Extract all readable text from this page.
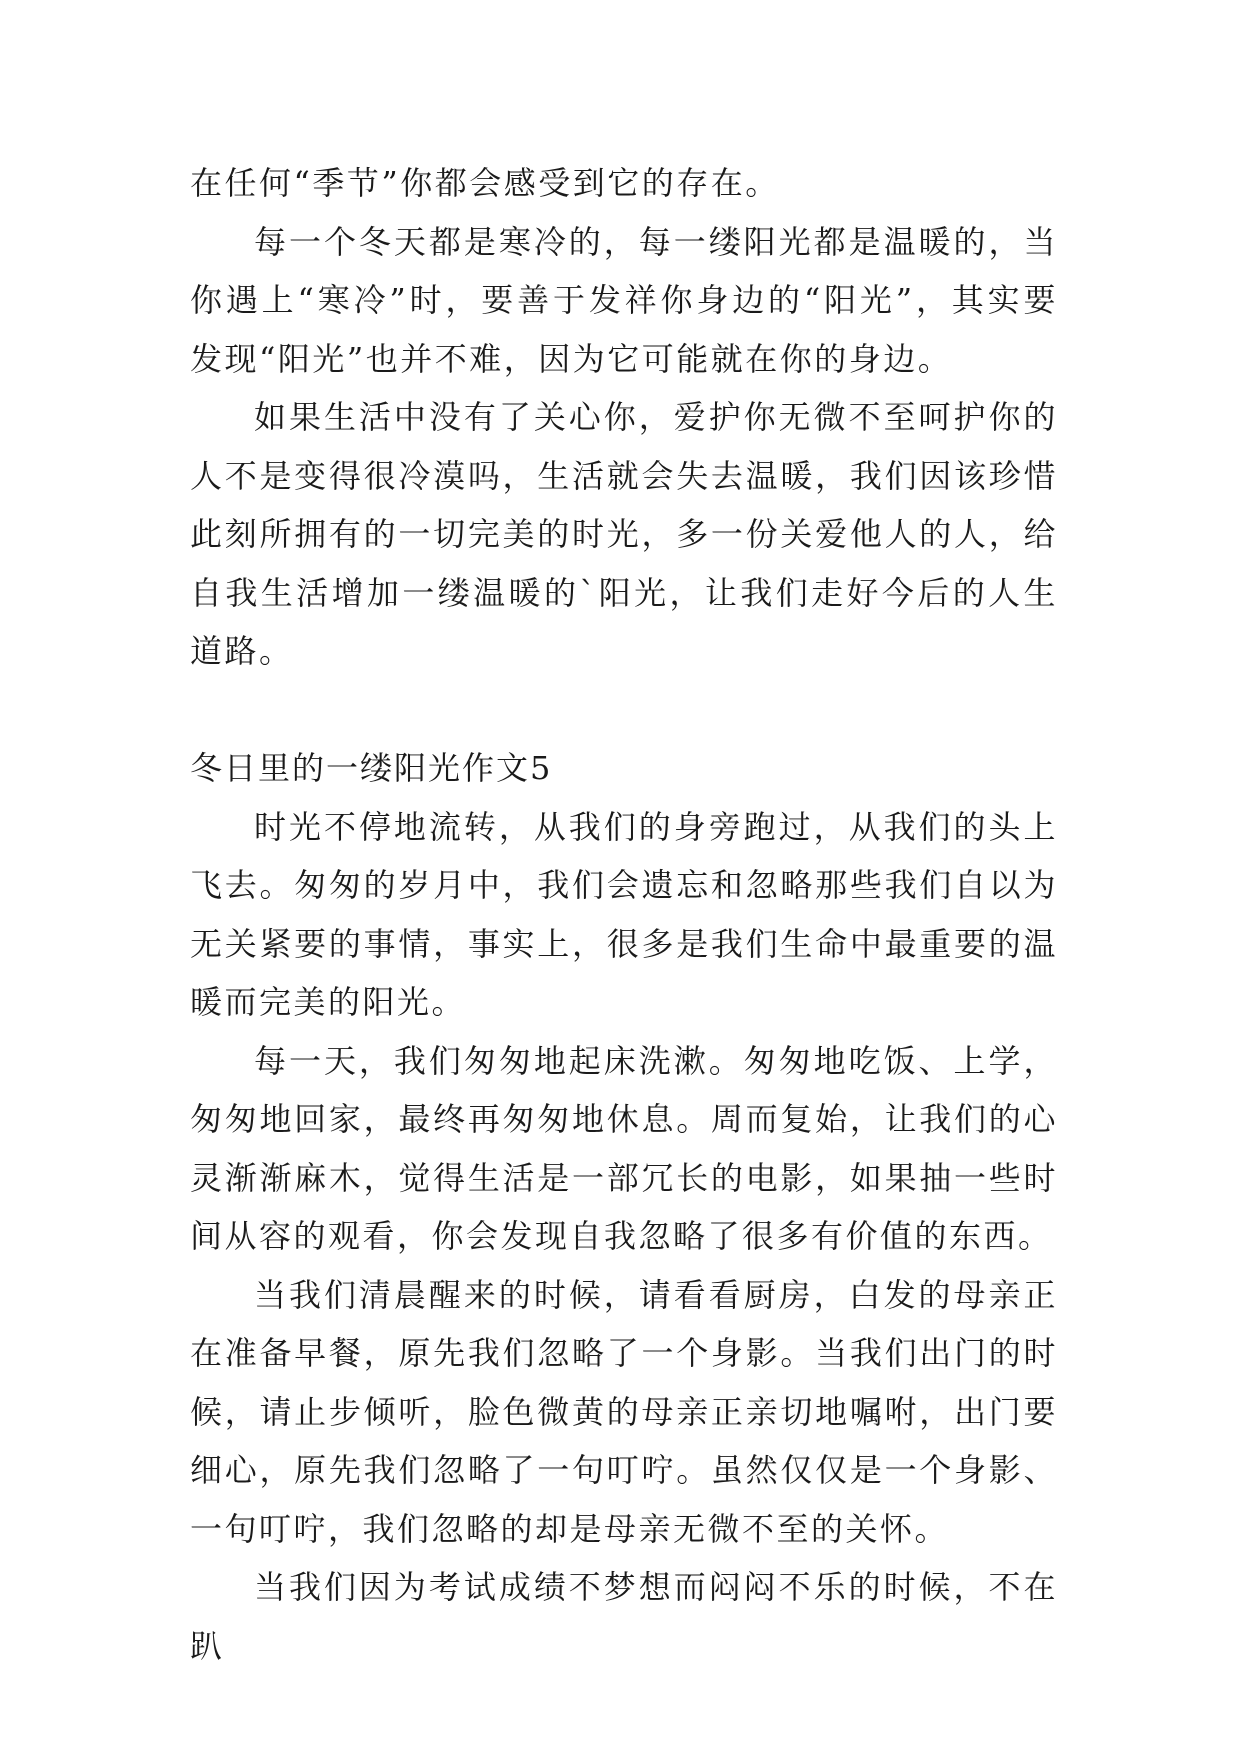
在任何“季节”你都会感受到它的存在。

每一个冬天都是寒冷的，每一缕阳光都是温暖的，当你遇上“寒冷”时，要善于发祥你身边的“阳光”，其实要发现“阳光”也并不难，因为它可能就在你的身边。

如果生活中没有了关心你，爱护你无微不至呵护你的人不是变得很冷漠吗，生活就会失去温暖，我们因该珍惜此刻所拥有的一切完美的时光，多一份关爱他人的人，给自我生活增加一缕温暖的`阳光，让我们走好今后的人生道路。

冬日里的一缕阳光作文5

时光不停地流转，从我们的身旁跑过，从我们的头上飞去。匆匆的岁月中，我们会遗忘和忽略那些我们自以为无关紧要的事情，事实上，很多是我们生命中最重要的温暖而完美的阳光。

每一天，我们匆匆地起床洗漱。匆匆地吃饭、上学，匆匆地回家，最终再匆匆地休息。周而复始，让我们的心灵渐渐麻木，觉得生活是一部冗长的电影，如果抽一些时间从容的观看，你会发现自我忽略了很多有价值的东西。

当我们清晨醒来的时候，请看看厨房，白发的母亲正在准备早餐，原先我们忽略了一个身影。当我们出门的时候，请止步倾听，脸色微黄的母亲正亲切地嘱咐，出门要细心，原先我们忽略了一句叮咛。虽然仅仅是一个身影、一句叮咛，我们忽略的却是母亲无微不至的关怀。

当我们因为考试成绩不梦想而闷闷不乐的时候，不在趴
